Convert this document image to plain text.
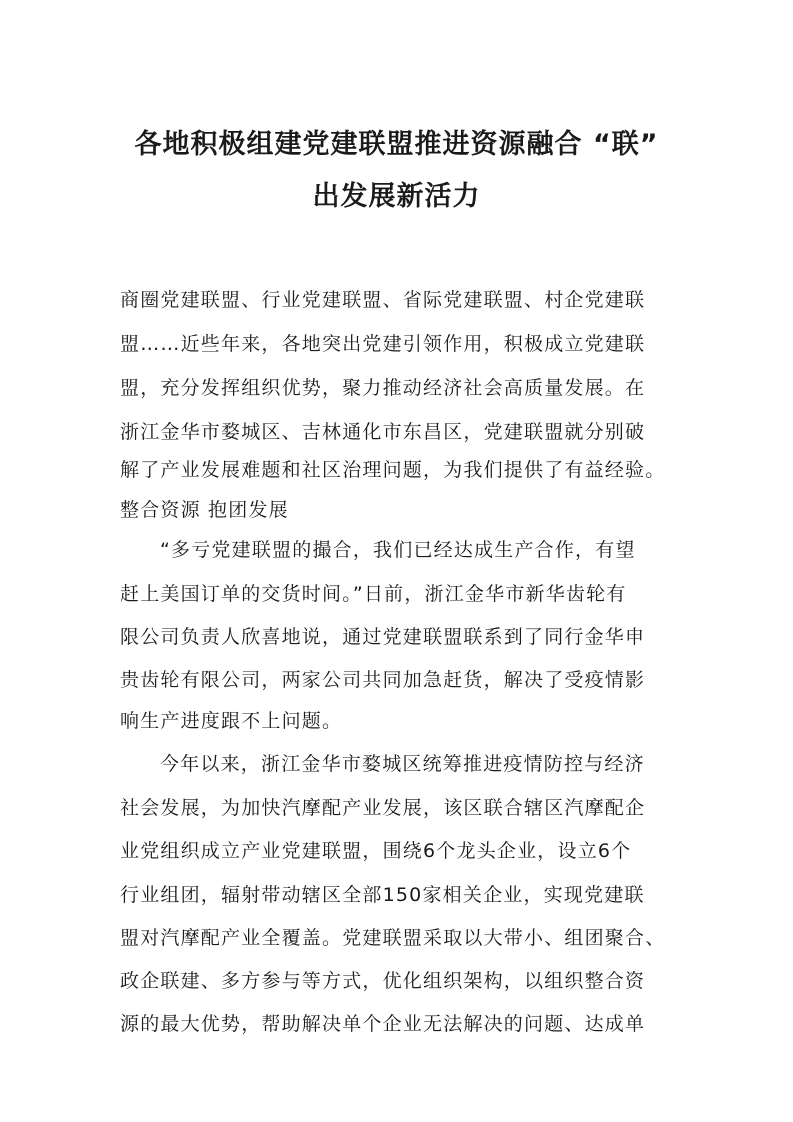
各地积极组建党建联盟推进资源融合 “联”
出发展新活力
商圈党建联盟、行业党建联盟、省际党建联盟、村企党建联
盟……近些年来，各地突出党建引领作用，积极成立党建联
盟，充分发挥组织优势，聚力推动经济社会高质量发展。在
浙江金华市婺城区、吉林通化市东昌区，党建联盟就分别破
解了产业发展难题和社区治理问题，为我们提供了有益经验。
整合资源 抱团发展
“多亏党建联盟的撮合，我们已经达成生产合作，有望
赶上美国订单的交货时间。”日前，浙江金华市新华齿轮有
限公司负责人欣喜地说，通过党建联盟联系到了同行金华申
贵齿轮有限公司，两家公司共同加急赶货，解决了受疫情影
响生产进度跟不上问题。
今年以来，浙江金华市婺城区统筹推进疫情防控与经济
社会发展，为加快汽摩配产业发展，该区联合辖区汽摩配企
业党组织成立产业党建联盟，围绕6个龙头企业，设立6个
行业组团，辐射带动辖区全部150家相关企业，实现党建联
盟对汽摩配产业全覆盖。党建联盟采取以大带小、组团聚合、
政企联建、多方参与等方式，优化组织架构，以组织整合资
源的最大优势，帮助解决单个企业无法解决的问题、达成单
